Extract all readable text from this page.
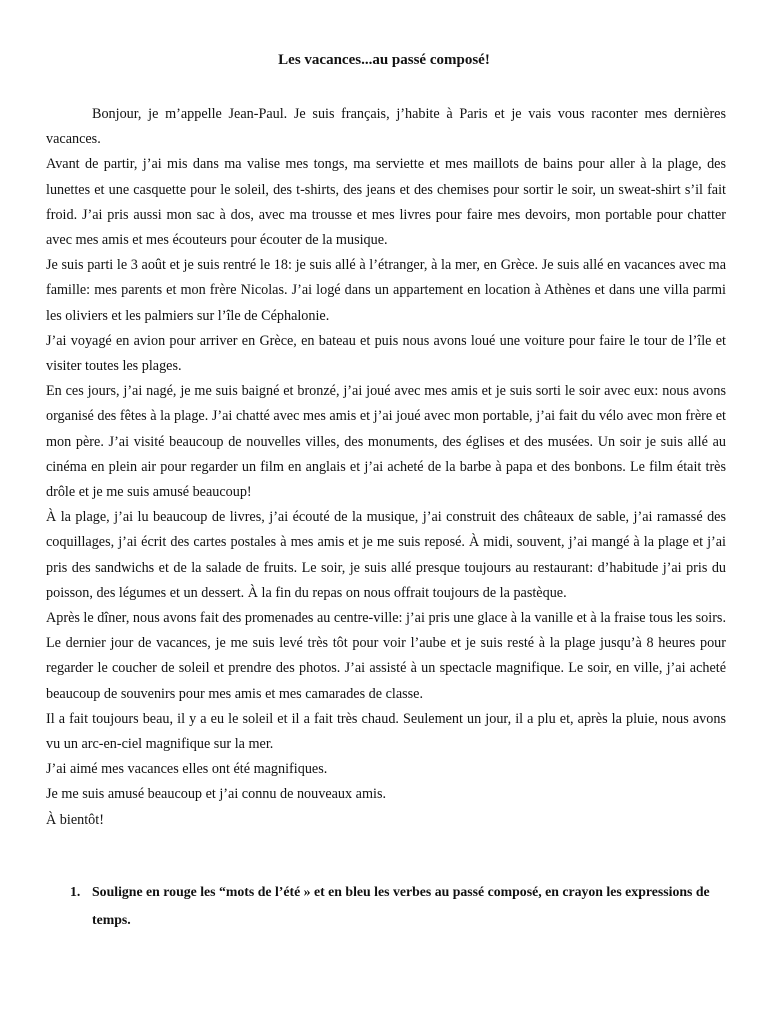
Les vacances...au passé composé!

Bonjour, je m’appelle Jean-Paul. Je suis français, j’habite à Paris et je vais vous raconter mes dernières vacances.

Avant de partir, j’ai mis dans ma valise mes tongs, ma serviette et mes maillots de bains pour aller à la plage, des lunettes et une casquette pour le soleil, des t-shirts, des jeans et des chemises pour sortir le soir, un sweat-shirt s’il fait froid. J’ai pris aussi mon sac à dos, avec ma trousse et mes livres pour faire mes devoirs, mon portable pour chatter avec mes amis et mes écouteurs pour écouter de la musique.

Je suis parti le 3 août et je suis rentré le 18: je suis allé à l’étranger, à la mer, en Grèce. Je suis allé en vacances avec ma famille: mes parents et mon frère Nicolas. J’ai logé dans un appartement en location à Athènes et dans une villa parmi les oliviers et les palmiers sur l’île de Céphalonie.

J’ai voyagé en avion pour arriver en Grèce, en bateau et puis nous avons loué une voiture pour faire le tour de l’île et visiter toutes les plages.

En ces jours, j’ai nagé, je me suis baigné et bronzé, j’ai joué avec mes amis et je suis sorti le soir avec eux: nous avons organisé des fêtes à la plage. J’ai chatté avec mes amis et j’ai joué avec mon portable, j’ai fait du vélo avec mon frère et mon père. J’ai visité beaucoup de nouvelles villes, des monuments, des églises et des musées. Un soir je suis allé au cinéma en plein air pour regarder un film en anglais et j’ai acheté de la barbe à papa et des bonbons. Le film était très drôle et je me suis amusé beaucoup!

À la plage, j’ai lu beaucoup de livres, j’ai écouté de la musique, j’ai construit des châteaux de sable, j’ai ramassé des coquillages, j’ai écrit des cartes postales à mes amis et je me suis reposé. À midi, souvent, j’ai mangé à la plage et j’ai pris des sandwichs et de la salade de fruits. Le soir, je suis allé presque toujours au restaurant: d’habitude j’ai pris du poisson, des légumes et un dessert. À la fin du repas on nous offrait toujours de la pastèque.

Après le dîner, nous avons fait des promenades au centre-ville: j’ai pris une glace à la vanille et à la fraise tous les soirs. Le dernier jour de vacances, je me suis levé très tôt pour voir l’aube et je suis resté à la plage jusqu’à 8 heures pour regarder le coucher de soleil et prendre des photos. J’ai assisté à un spectacle magnifique. Le soir, en ville, j’ai acheté beaucoup de souvenirs pour mes amis et mes camarades de classe.

Il a fait toujours beau, il y a eu le soleil et il a fait très chaud. Seulement un jour, il a plu et, après la pluie, nous avons vu un arc-en-ciel magnifique sur la mer.

J’ai aimé mes vacances elles ont été magnifiques.

Je me suis amusé beaucoup et j’ai connu de nouveaux amis.

À bientôt!

1. Souligne en rouge les “mots de l’été » et en bleu les verbes au passé composé, en crayon les expressions de temps.
